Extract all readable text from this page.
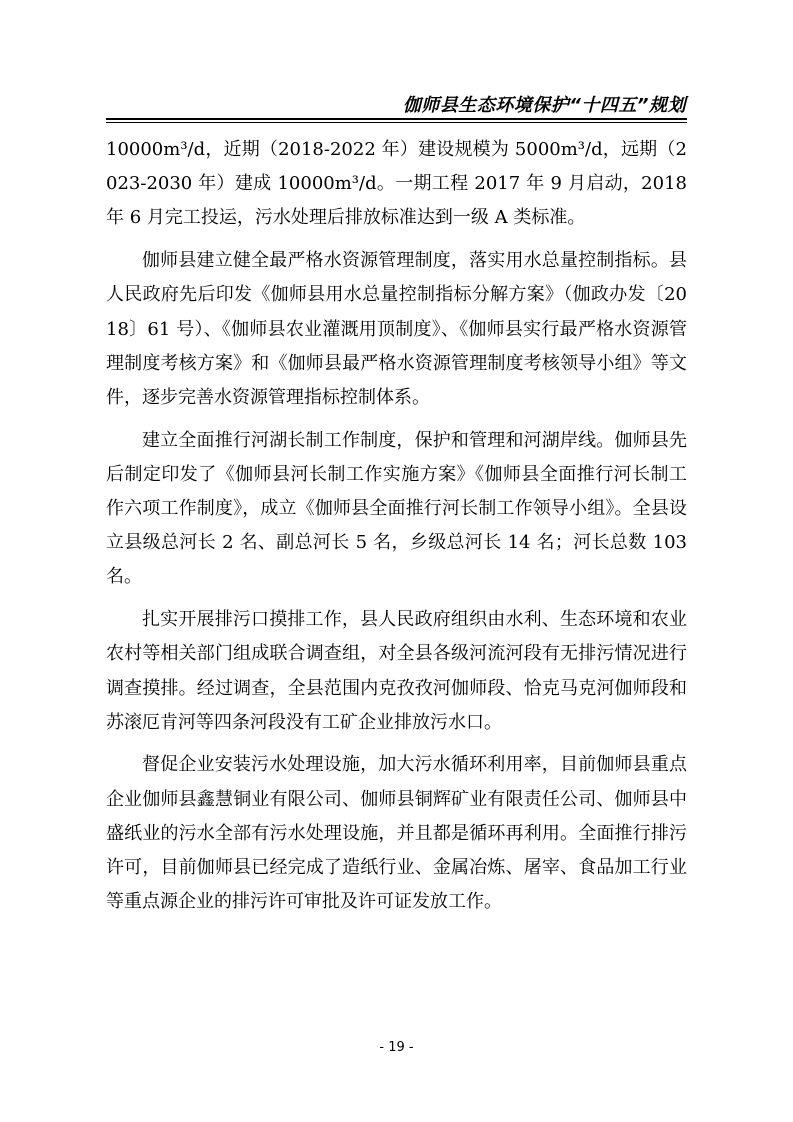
伽师县生态环境保护“十四五”规划

10000m³/d，近期（2018-2022 年）建设规模为 5000m³/d，远期（2023-2030 年）建成 10000m³/d。一期工程 2017 年 9 月启动，2018 年 6 月完工投运，污水处理后排放标准达到一级 A 类标准。

伽师县建立健全最严格水资源管理制度，落实用水总量控制指标。县人民政府先后印发《伽师县用水总量控制指标分解方案》（伽政办发〔2018〕61 号）、《伽师县农业灌溉用顶制度》、《伽师县实行最严格水资源管理制度考核方案》和《伽师县最严格水资源管理制度考核领导小组》等文件，逐步完善水资源管理指标控制体系。

建立全面推行河湖长制工作制度，保护和管理和河湖岸线。伽师县先后制定印发了《伽师县河长制工作实施方案》《伽师县全面推行河长制工作六项工作制度》，成立《伽师县全面推行河长制工作领导小组》。全县设立县级总河长 2 名、副总河长 5 名，乡级总河长 14 名；河长总数 103 名。

扎实开展排污口摸排工作，县人民政府组织由水利、生态环境和农业农村等相关部门组成联合调查组，对全县各级河流河段有无排污情况进行调查摸排。经过调查，全县范围内克孜孜河伽师段、恰克马克河伽师段和苏滚厄肯河等四条河段没有工矿企业排放污水口。

督促企业安装污水处理设施，加大污水循环利用率，目前伽师县重点企业伽师县鑫慧铜业有限公司、伽师县铜辉矿业有限责任公司、伽师县中盛纸业的污水全部有污水处理设施，并且都是循环再利用。全面推行排污许可，目前伽师县已经完成了造纸行业、金属冶炼、屠宰、食品加工行业等重点源企业的排污许可审批及许可证发放工作。

- 19 -
